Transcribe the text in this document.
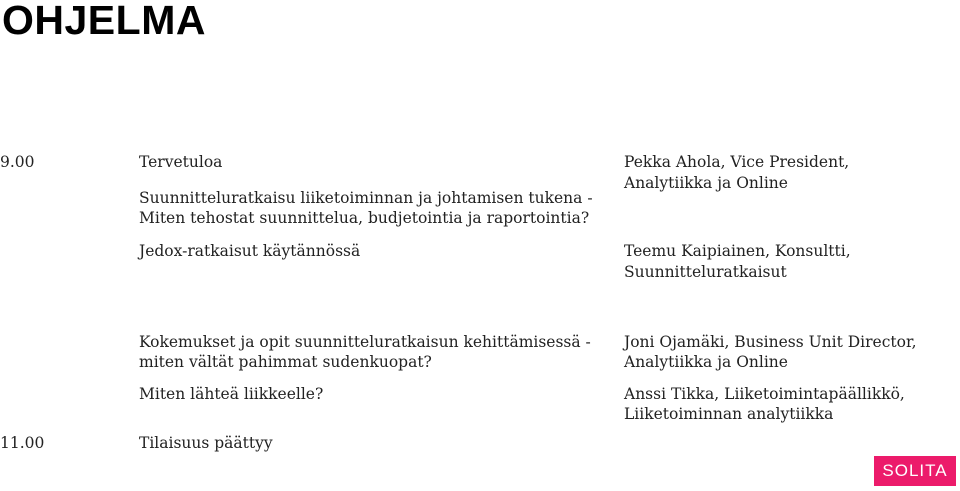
OHJELMA
9.00
11.00
Tervetuloa
Suunnitteluratkaisu liiketoiminnan ja johtamisen tukena -
Miten tehostat suunnittelua, budjetointia ja raportointia?
Jedox-ratkaisut käytännössä
Kokemukset ja opit suunnitteluratkaisun kehittämisessä -
miten vältät pahimmat sudenkuopat?
Miten lähteä liikkeelle?
Tilaisuus päättyy
Pekka Ahola, Vice President,
Analytiikka ja Online
Teemu Kaipiainen, Konsultti,
Suunnitteluratkaisut
Joni Ojamäki, Business Unit Director,
Analytiikka ja Online
Anssi Tikka, Liiketoimintapäällikkö,
Liiketoiminnan analytiikka
SOLITA
